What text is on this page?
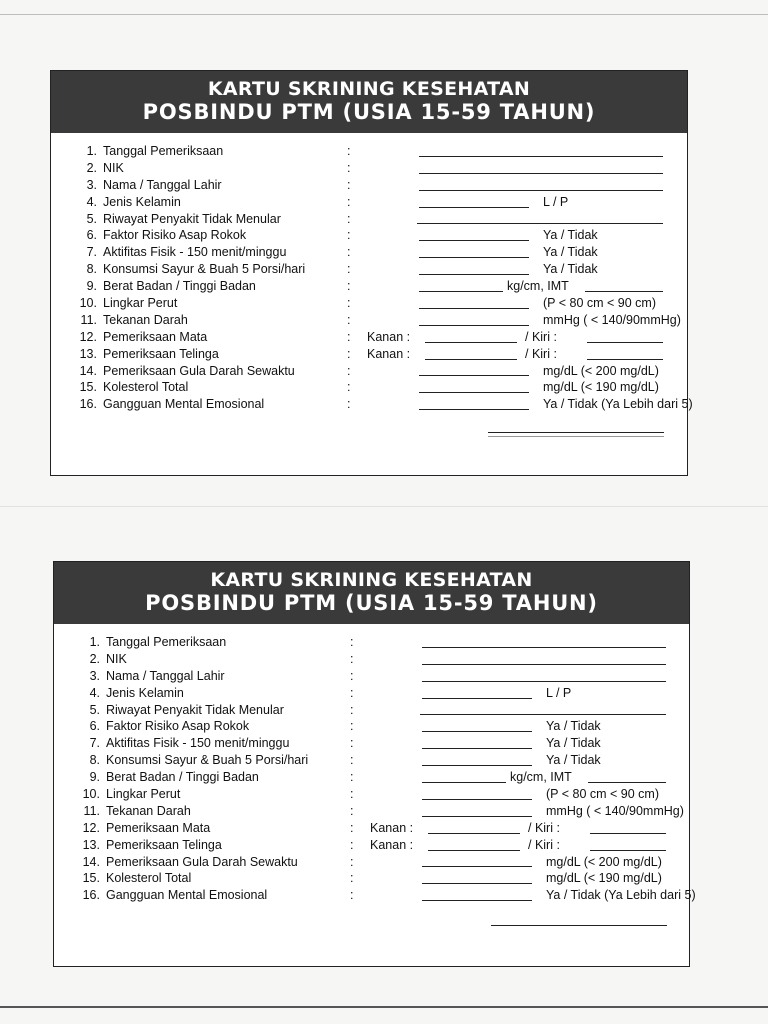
KARTU SKRINING KESEHATAN
POSBINDU PTM (USIA 15-59 TAHUN)
1. Tanggal Pemeriksaan	:
2. NIK	:
3. Nama / Tanggal Lahir	:
4. Jenis Kelamin	:	L / P
5. Riwayat Penyakit Tidak Menular	:
6. Faktor Risiko Asap Rokok	:	Ya / Tidak
7. Aktifitas Fisik - 150 menit/minggu	:	Ya / Tidak
8. Konsumsi Sayur & Buah 5 Porsi/hari	:	Ya / Tidak
9. Berat Badan / Tinggi Badan	:	kg/cm, IMT
10. Lingkar Perut	:	(P < 80 cm < 90 cm)
11. Tekanan Darah	:	mmHg ( < 140/90mmHg)
12. Pemeriksaan Mata	: Kanan :	/ Kiri :
13. Pemeriksaan Telinga	: Kanan :	/ Kiri :
14. Pemeriksaan Gula Darah Sewaktu	:	mg/dL (< 200 mg/dL)
15. Kolesterol Total	:	mg/dL (< 190 mg/dL)
16. Gangguan Mental Emosional	:	Ya / Tidak (Ya Lebih dari 5)
KARTU SKRINING KESEHATAN
POSBINDU PTM (USIA 15-59 TAHUN)
1. Tanggal Pemeriksaan	:
2. NIK	:
3. Nama / Tanggal Lahir	:
4. Jenis Kelamin	:	L / P
5. Riwayat Penyakit Tidak Menular	:
6. Faktor Risiko Asap Rokok	:	Ya / Tidak
7. Aktifitas Fisik - 150 menit/minggu	:	Ya / Tidak
8. Konsumsi Sayur & Buah 5 Porsi/hari	:	Ya / Tidak
9. Berat Badan / Tinggi Badan	:	kg/cm, IMT
10. Lingkar Perut	:	(P < 80 cm < 90 cm)
11. Tekanan Darah	:	mmHg ( < 140/90mmHg)
12. Pemeriksaan Mata	: Kanan :	/ Kiri :
13. Pemeriksaan Telinga	: Kanan :	/ Kiri :
14. Pemeriksaan Gula Darah Sewaktu	:	mg/dL (< 200 mg/dL)
15. Kolesterol Total	:	mg/dL (< 190 mg/dL)
16. Gangguan Mental Emosional	:	Ya / Tidak (Ya Lebih dari 5)
